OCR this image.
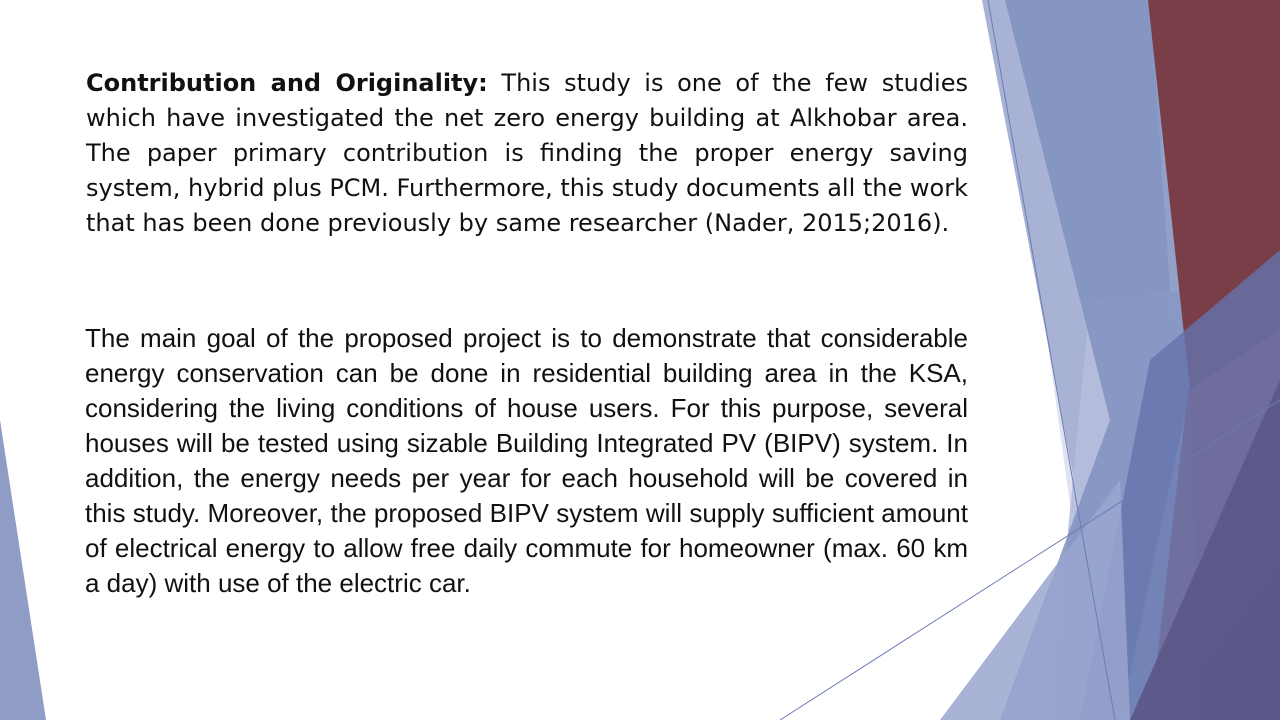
Contribution and Originality: This study is one of the few studies which have investigated the net zero energy building at Alkhobar area. The paper primary contribution is finding the proper energy saving system, hybrid plus PCM. Furthermore, this study documents all the work that has been done previously by same researcher (Nader, 2015;2016).

The main goal of the proposed project is to demonstrate that considerable energy conservation can be done in residential building area in the KSA, considering the living conditions of house users. For this purpose, several houses will be tested using sizable Building Integrated PV (BIPV) system. In addition, the energy needs per year for each household will be covered in this study. Moreover, the proposed BIPV system will supply sufficient amount of electrical energy to allow free daily commute for homeowner (max. 60 km a day) with use of the electric car.
